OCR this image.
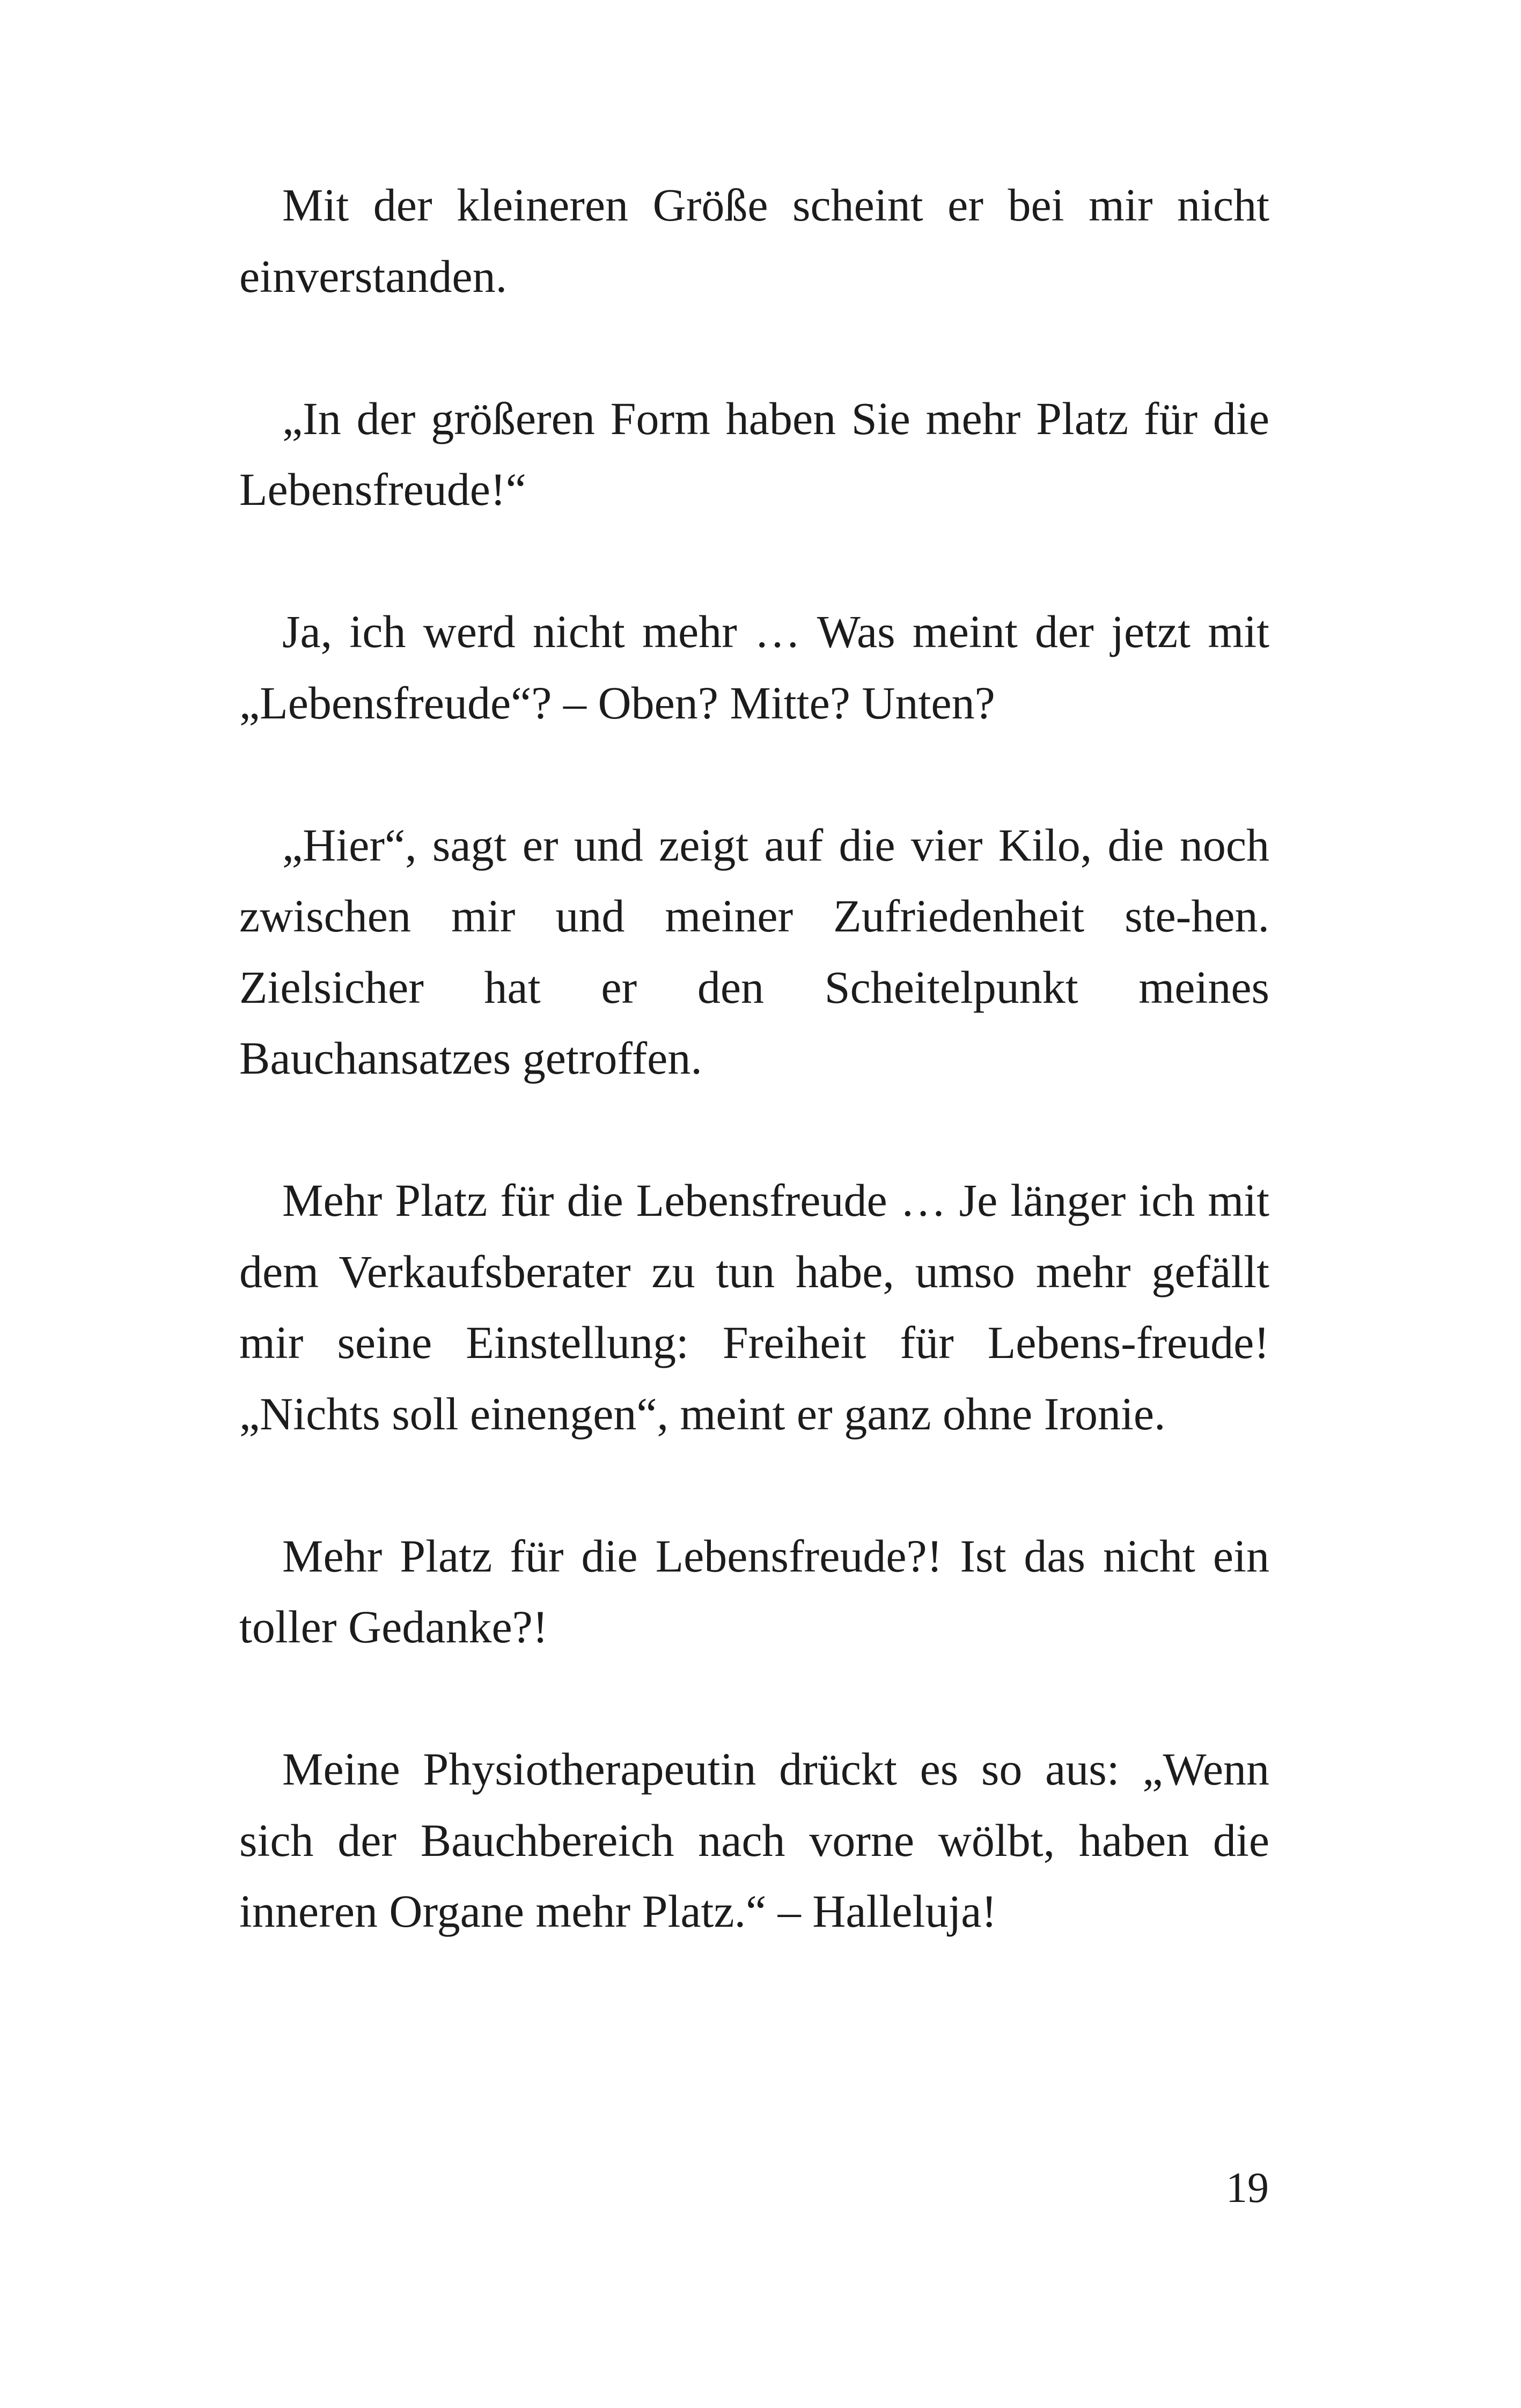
Mit der kleineren Größe scheint er bei mir nicht einverstanden.

„In der größeren Form haben Sie mehr Platz für die Lebensfreude!“

Ja, ich werd nicht mehr … Was meint der jetzt mit „Lebensfreude“? – Oben? Mitte? Unten?

„Hier“, sagt er und zeigt auf die vier Kilo, die noch zwischen mir und meiner Zufriedenheit ste-hen. Zielsicher hat er den Scheitelpunkt meines Bauchansatzes getroffen.

Mehr Platz für die Lebensfreude … Je länger ich mit dem Verkaufsberater zu tun habe, umso mehr gefällt mir seine Einstellung: Freiheit für Lebens-freude! „Nichts soll einengen“, meint er ganz ohne Ironie.

Mehr Platz für die Lebensfreude?! Ist das nicht ein toller Gedanke?!

Meine Physiotherapeutin drückt es so aus: „Wenn sich der Bauchbereich nach vorne wölbt, haben die inneren Organe mehr Platz.“ – Halleluja!

19
